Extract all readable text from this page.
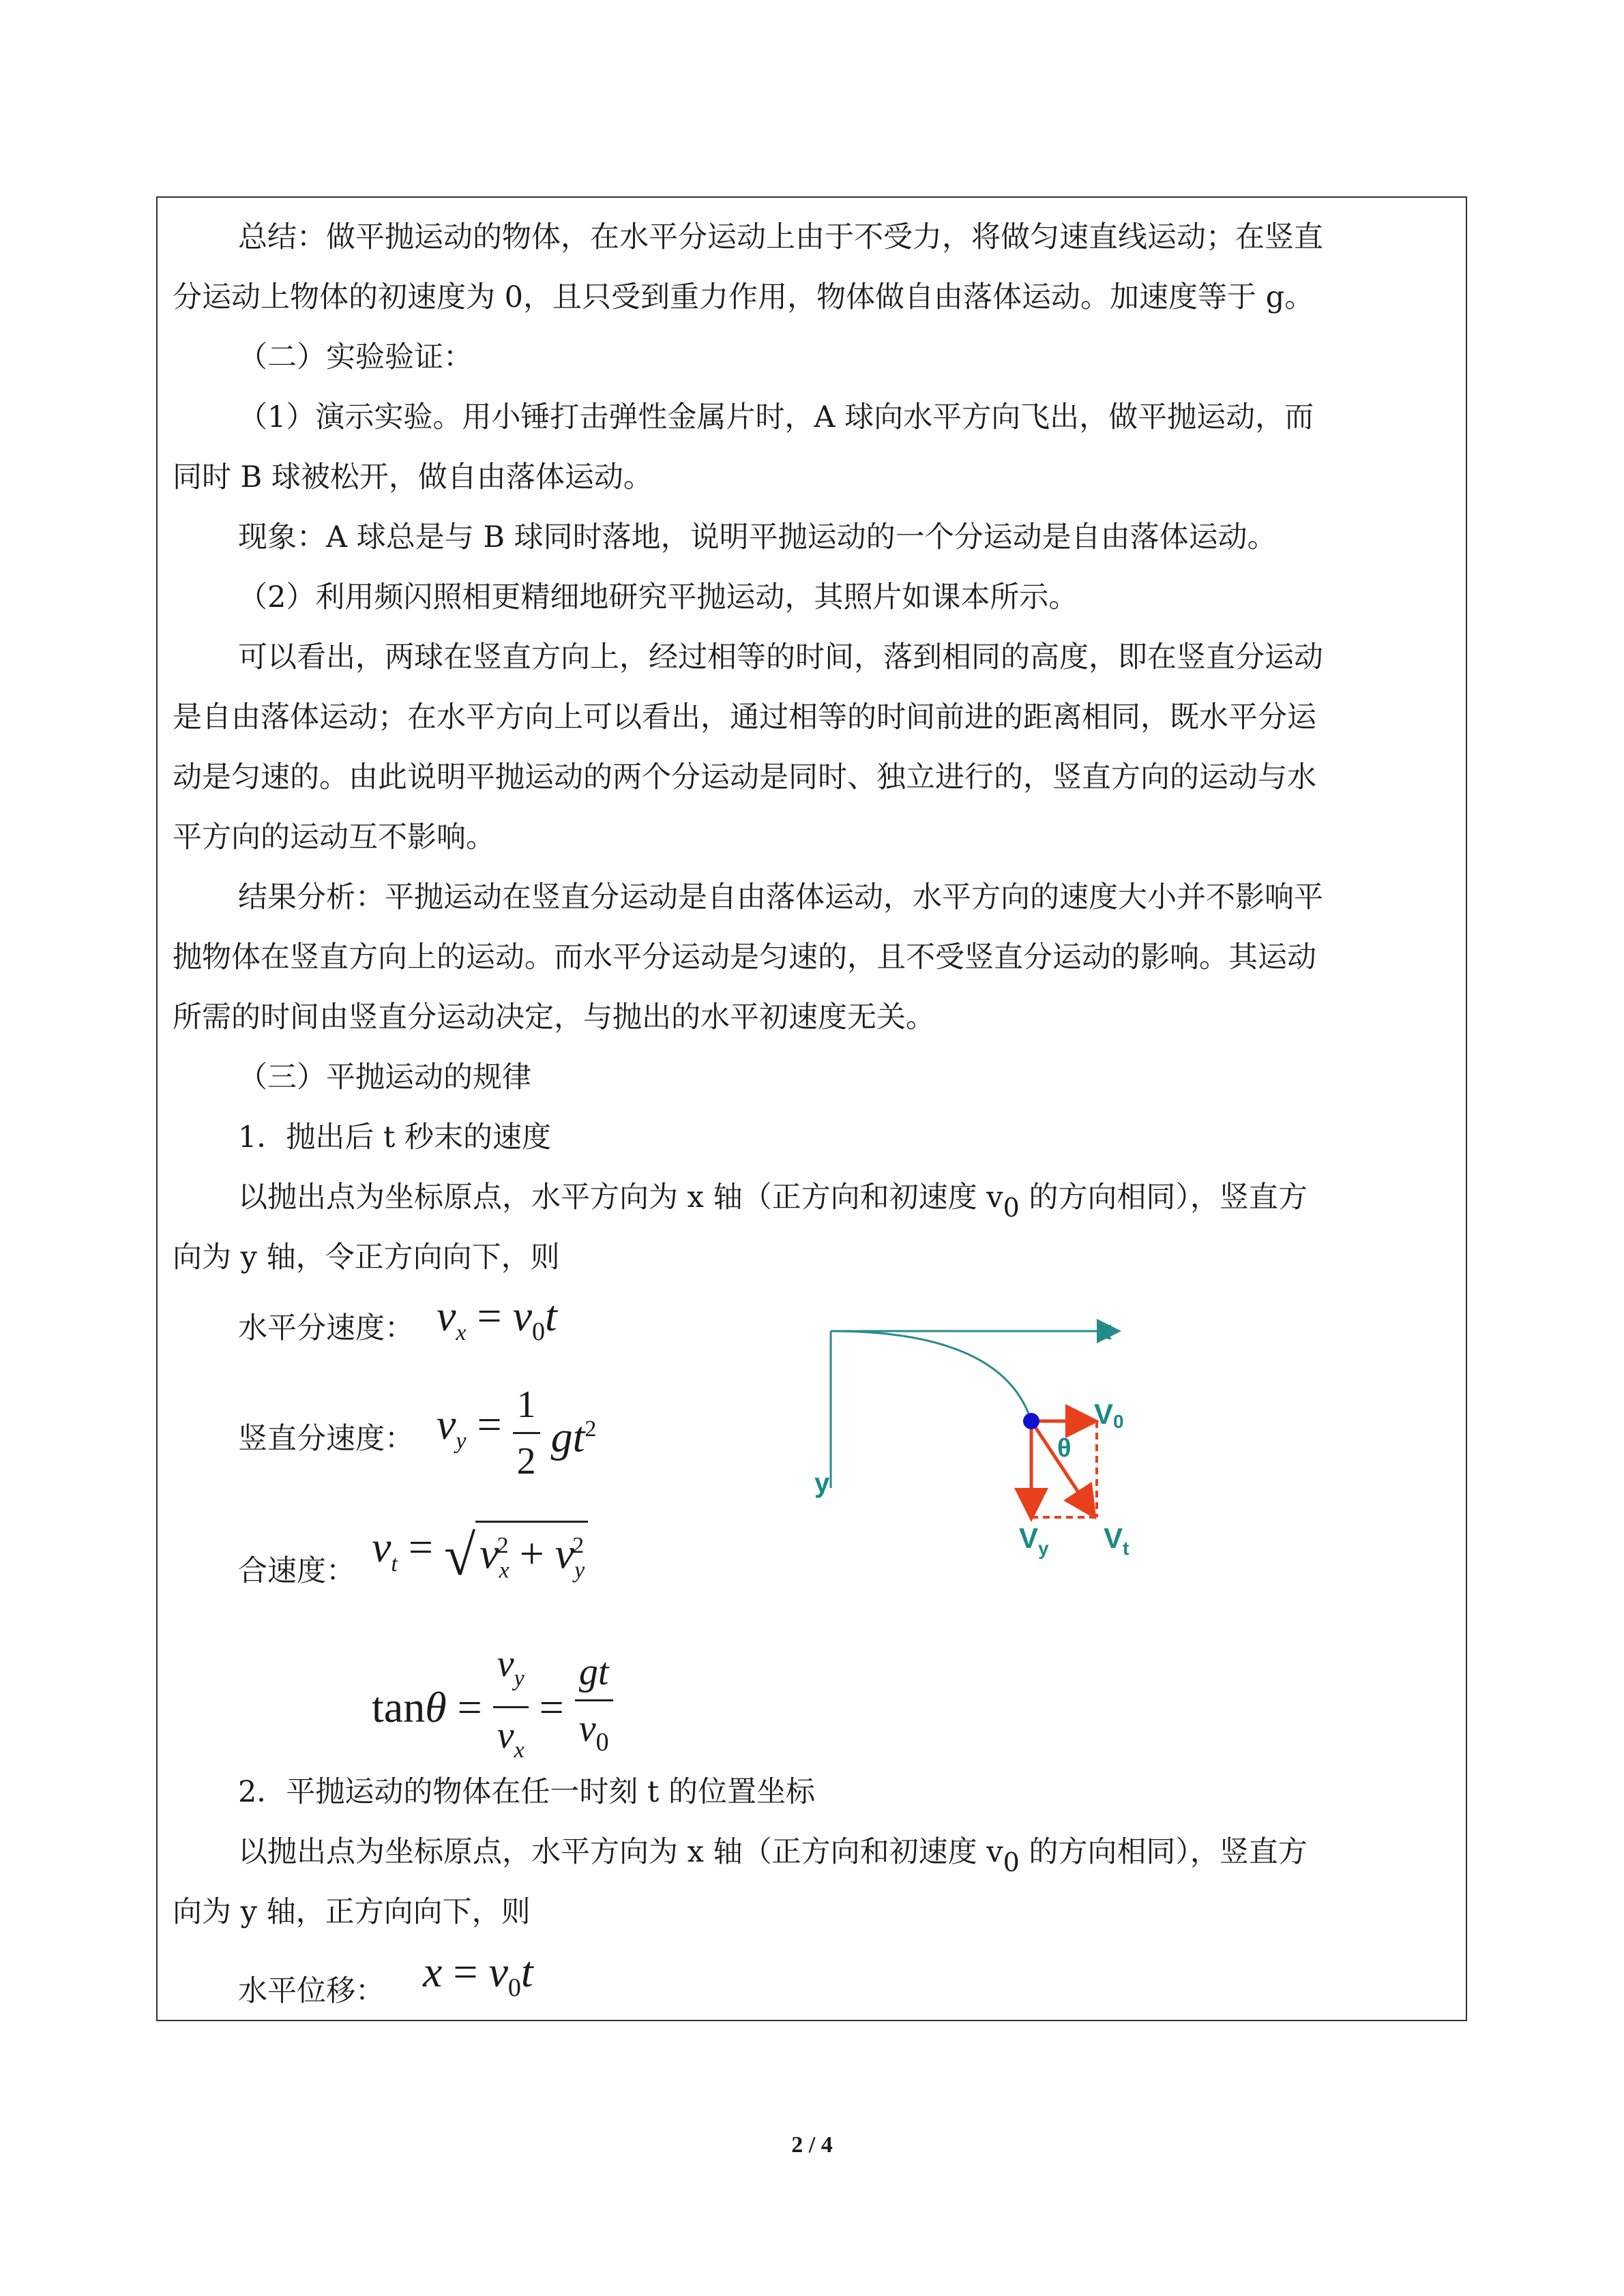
总结：做平抛运动的物体，在水平分运动上由于不受力，将做匀速直线运动；在竖直
分运动上物体的初速度为 0，且只受到重力作用，物体做自由落体运动。加速度等于 g。
（二）实验验证：
（1）演示实验。用小锤打击弹性金属片时，A 球向水平方向飞出，做平抛运动，而
同时 B 球被松开，做自由落体运动。
现象：A 球总是与 B 球同时落地，说明平抛运动的一个分运动是自由落体运动。
（2）利用频闪照相更精细地研究平抛运动，其照片如课本所示。
可以看出，两球在竖直方向上，经过相等的时间，落到相同的高度，即在竖直分运动
是自由落体运动；在水平方向上可以看出，通过相等的时间前进的距离相同，既水平分运
动是匀速的。由此说明平抛运动的两个分运动是同时、独立进行的，竖直方向的运动与水
平方向的运动互不影响。
结果分析：平抛运动在竖直分运动是自由落体运动，水平方向的速度大小并不影响平
抛物体在竖直方向上的运动。而水平分运动是匀速的，且不受竖直分运动的影响。其运动
所需的时间由竖直分运动决定，与抛出的水平初速度无关。
（三）平抛运动的规律
1．抛出后 t 秒末的速度
以抛出点为坐标原点，水平方向为 x 轴（正方向和初速度 v0 的方向相同），竖直方
向为 y 轴，令正方向向下，则
水平分速度： $v_x = v_0t$
竖直分速度： $v_y = \frac{1}{2} gt^2$
合速度： $v_t = √v_x^2 + v_y^2$
$\tan\theta = \frac{v_y}{v_x} = \frac{gt}{v_0}$
2．平抛运动的物体在任一时刻 t 的位置坐标
以抛出点为坐标原点，水平方向为 x 轴（正方向和初速度 v0 的方向相同），竖直方
向为 y 轴，正方向向下，则
水平位移： $x = v_0t$
x
y
V0
θ
$V_y$ $V_t$
2 / 4
